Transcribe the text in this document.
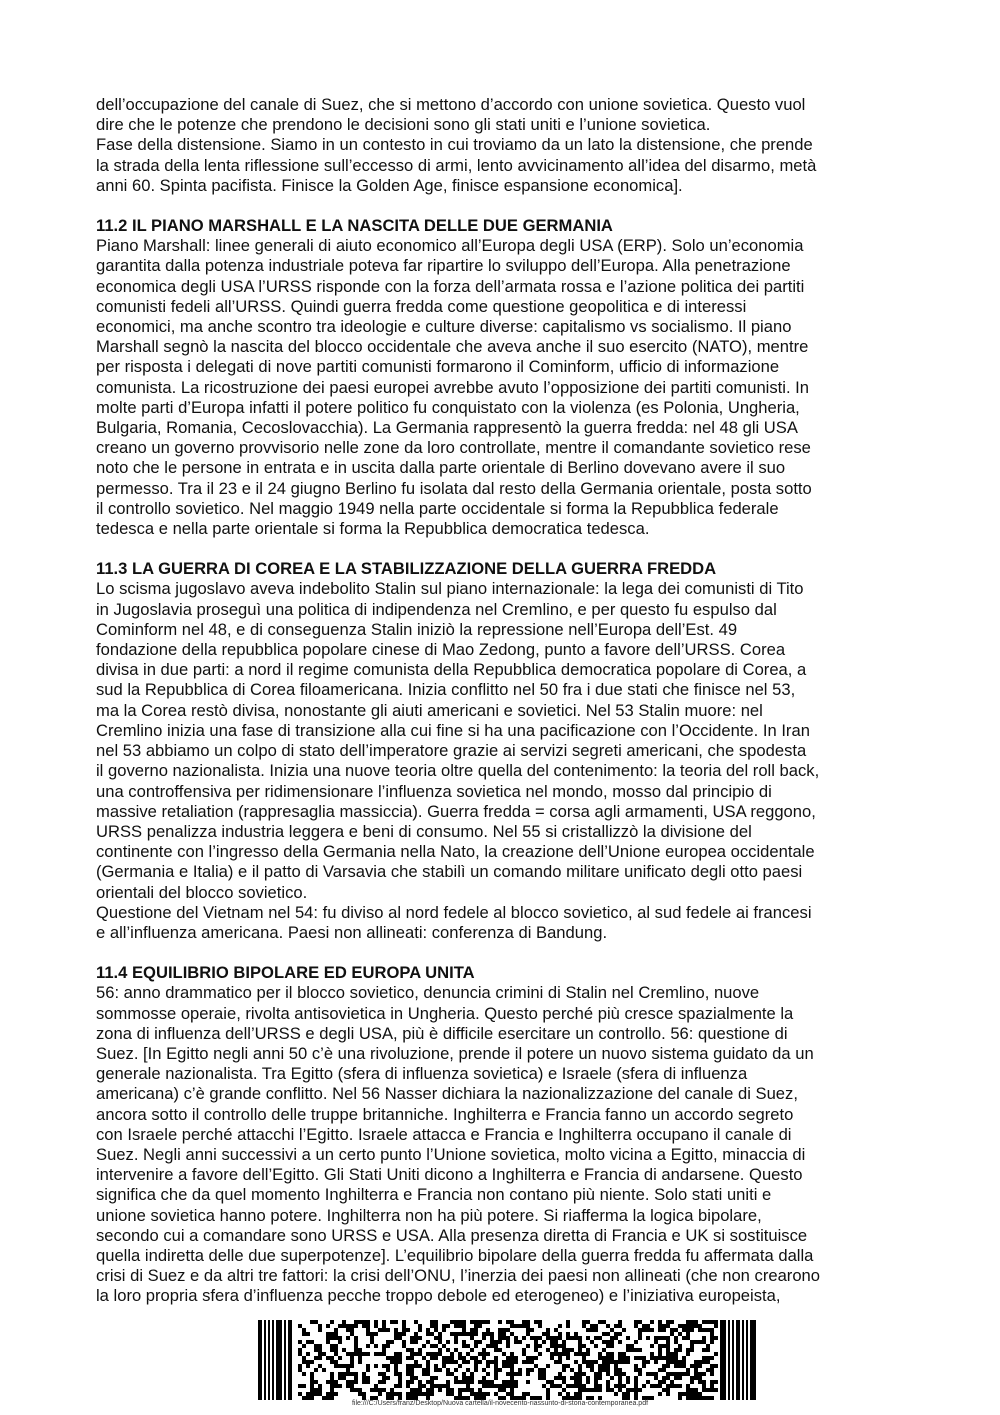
dell’occupazione del canale di Suez, che si mettono d’accordo con unione sovietica. Questo vuol
dire che le potenze che prendono le decisioni sono gli stati uniti e l’unione sovietica.
Fase della distensione. Siamo in un contesto in cui troviamo da un lato la distensione, che prende
la strada della lenta riflessione sull’eccesso di armi, lento avvicinamento all’idea del disarmo, metà
anni 60. Spinta pacifista. Finisce la Golden Age, finisce espansione economica].

11.2 IL PIANO MARSHALL E LA NASCITA DELLE DUE GERMANIA

Piano Marshall: linee generali di aiuto economico all’Europa degli USA (ERP). Solo un’economia
garantita dalla potenza industriale poteva far ripartire lo sviluppo dell’Europa. Alla penetrazione
economica degli USA l’URSS risponde con la forza dell’armata rossa e l’azione politica dei partiti
comunisti fedeli all’URSS. Quindi guerra fredda come questione geopolitica e di interessi
economici, ma anche scontro tra ideologie e culture diverse: capitalismo vs socialismo. Il piano
Marshall segnò la nascita del blocco occidentale che aveva anche il suo esercito (NATO), mentre
per risposta i delegati di nove partiti comunisti formarono il Cominform, ufficio di informazione
comunista. La ricostruzione dei paesi europei avrebbe avuto l’opposizione dei partiti comunisti. In
molte parti d’Europa infatti il potere politico fu conquistato con la violenza (es Polonia, Ungheria,
Bulgaria, Romania, Cecoslovacchia). La Germania rappresentò la guerra fredda: nel 48 gli USA
creano un governo provvisorio nelle zone da loro controllate, mentre il comandante sovietico rese
noto che le persone in entrata e in uscita dalla parte orientale di Berlino dovevano avere il suo
permesso. Tra il 23 e il 24 giugno Berlino fu isolata dal resto della Germania orientale, posta sotto
il controllo sovietico. Nel maggio 1949 nella parte occidentale si forma la Repubblica federale
tedesca e nella parte orientale si forma la Repubblica democratica tedesca.

11.3 LA GUERRA DI COREA E LA STABILIZZAZIONE DELLA GUERRA FREDDA

Lo scisma jugoslavo aveva indebolito Stalin sul piano internazionale: la lega dei comunisti di Tito
in Jugoslavia proseguì una politica di indipendenza nel Cremlino, e per questo fu espulso dal
Cominform nel 48, e di conseguenza Stalin iniziò la repressione nell’Europa dell’Est. 49
fondazione della repubblica popolare cinese di Mao Zedong, punto a favore dell’URSS. Corea
divisa in due parti: a nord il regime comunista della Repubblica democratica popolare di Corea, a
sud la Repubblica di Corea filoamericana. Inizia conflitto nel 50 fra i due stati che finisce nel 53,
ma la Corea restò divisa, nonostante gli aiuti americani e sovietici. Nel 53 Stalin muore: nel
Cremlino inizia una fase di transizione alla cui fine si ha una pacificazione con l’Occidente. In Iran
nel 53 abbiamo un colpo di stato dell’imperatore grazie ai servizi segreti americani, che spodesta
il governo nazionalista. Inizia una nuove teoria oltre quella del contenimento: la teoria del roll back,
una controffensiva per ridimensionare l’influenza sovietica nel mondo, mosso dal principio di
massive retaliation (rappresaglia massiccia). Guerra fredda = corsa agli armamenti, USA reggono,
URSS penalizza industria leggera e beni di consumo. Nel 55 si cristallizzò la divisione del
continente con l’ingresso della Germania nella Nato, la creazione dell’Unione europea occidentale
(Germania e Italia) e il patto di Varsavia che stabilì un comando militare unificato degli otto paesi
orientali del blocco sovietico.
Questione del Vietnam nel 54: fu diviso al nord fedele al blocco sovietico, al sud fedele ai francesi
e all’influenza americana. Paesi non allineati: conferenza di Bandung.

11.4 EQUILIBRIO BIPOLARE ED EUROPA UNITA

56: anno drammatico per il blocco sovietico, denuncia crimini di Stalin nel Cremlino, nuove
sommosse operaie, rivolta antisovietica in Ungheria. Questo perché più cresce spazialmente la
zona di influenza dell’URSS e degli USA, più è difficile esercitare un controllo. 56: questione di
Suez. [In Egitto negli anni 50 c’è una rivoluzione, prende il potere un nuovo sistema guidato da un
generale nazionalista. Tra Egitto (sfera di influenza sovietica) e Israele (sfera di influenza
americana) c’è grande conflitto. Nel 56 Nasser dichiara la nazionalizzazione del canale di Suez,
ancora sotto il controllo delle truppe britanniche. Inghilterra e Francia fanno un accordo segreto
con Israele perché attacchi l’Egitto. Israele attacca e Francia e Inghilterra occupano il canale di
Suez. Negli anni successivi a un certo punto l’Unione sovietica, molto vicina a Egitto, minaccia di
intervenire a favore dell’Egitto. Gli Stati Uniti dicono a Inghilterra e Francia di andarsene. Questo
significa che da quel momento Inghilterra e Francia non contano più niente. Solo stati uniti e
unione sovietica hanno potere. Inghilterra non ha più potere. Si riafferma la logica bipolare,
secondo cui a comandare sono URSS e USA. Alla presenza diretta di Francia e UK si sostituisce
quella indiretta delle due superpotenze]. L’equilibrio bipolare della guerra fredda fu affermata dalla
crisi di Suez e da altri tre fattori: la crisi dell’ONU, l’inerzia dei paesi non allineati (che non crearono
la loro propria sfera d’influenza pecche troppo debole ed eterogeneo) e l’iniziativa europeista,

file:///C:/Users/franz/Desktop/Nuova cartella/il-novecento-riassunto-di-storia-contemporanea.pdf
